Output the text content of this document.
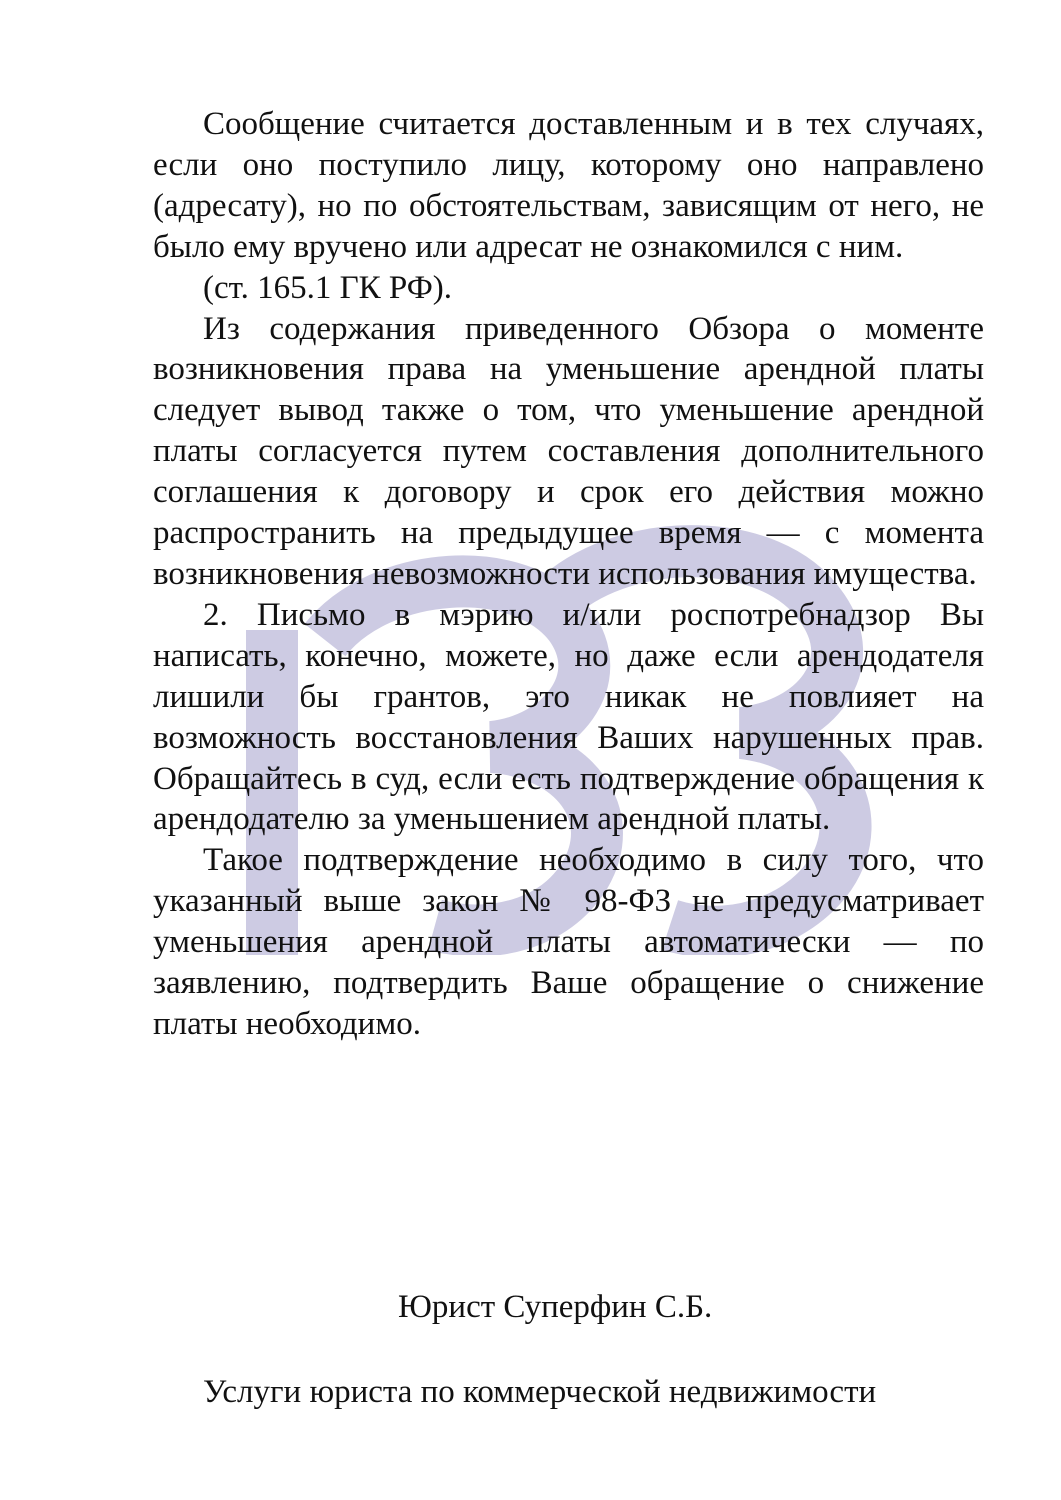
Сообщение считается доставленным и в тех случаях, если оно поступило лицу, которому оно направлено (адресату), но по обстоятельствам, зависящим от него, не было ему вручено или адресат не ознакомился с ним.

(ст. 165.1 ГК РФ).

Из содержания приведенного Обзора о моменте возникновения права на уменьшение арендной платы следует вывод также о том, что уменьшение арендной платы согласуется путем составления дополнительного соглашения к договору и срок его действия можно распространить на предыдущее время — с момента возникновения невозможности использования имущества.

2. Письмо в мэрию и/или роспотребнадзор Вы написать, конечно, можете, но даже если арендодателя лишили бы грантов, это никак не повлияет на возможность восстановления Ваших нарушенных прав. Обращайтесь в суд, если есть подтверждение обращения к арендодателю за уменьшением арендной платы.

Такое подтверждение необходимо в силу того, что указанный выше закон № 98-ФЗ не предусматривает уменьшения арендной платы автоматически — по заявлению, подтвердить Ваше обращение о снижение платы необходимо.

Юрист Суперфин С.Б.

Услуги юриста по коммерческой недвижимости
